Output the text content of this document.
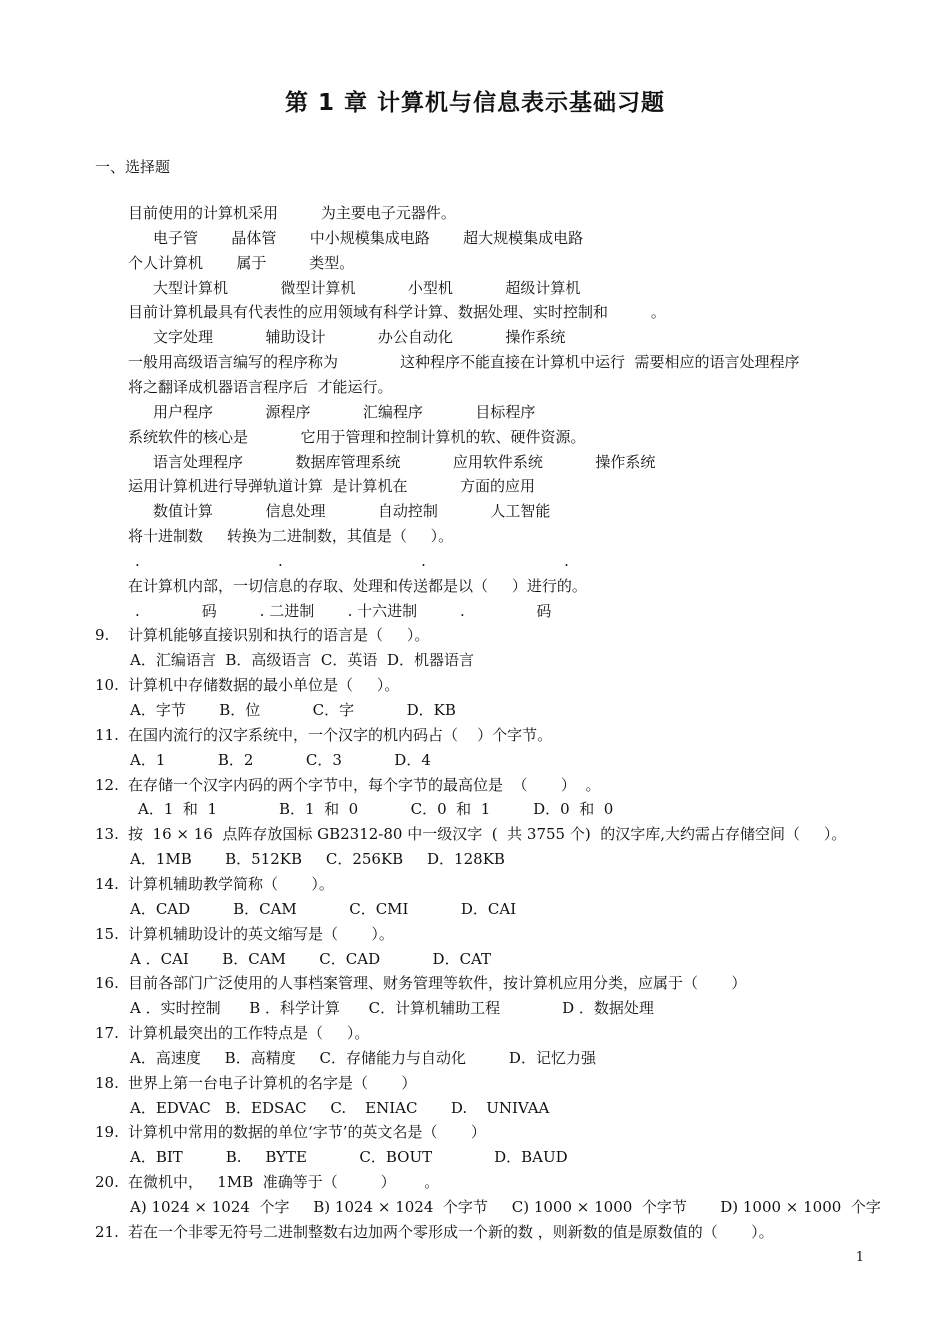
第 1 章 计算机与信息表示基础习题
一、选择题
目前使用的计算机采用         为主要电子元器件。
电子管       晶体管       中小规模集成电路       超大规模集成电路
个人计算机       属于         类型。
大型计算机           微型计算机           小型机           超级计算机
目前计算机最具有代表性的应用领域有科学计算、数据处理、实时控制和         。
文字处理           辅助设计           办公自动化           操作系统
一般用高级语言编写的程序称为             这种程序不能直接在计算机中运行  需要相应的语言处理程序
将之翻译成机器语言程序后  才能运行。
用户程序           源程序           汇编程序           目标程序
系统软件的核心是           它用于管理和控制计算机的软、硬件资源。
语言处理程序           数据库管理系统           应用软件系统           操作系统
运用计算机进行导弹轨道计算  是计算机在           方面的应用
数值计算           信息处理           自动控制           人工智能
将十进制数     转换为二进制数，其值是（     ）。
.                             .                             .                             .
在计算机内部，一切信息的存取、处理和传送都是以（     ）进行的。
.             码         . 二进制       . 十六进制         .               码
9. 计算机能够直接识别和执行的语言是（     ）。
A．汇编语言  B．高级语言  C．英语  D．机器语言
10. 计算机中存储数据的最小单位是（     ）。
A．字节       B．位           C．字           D．KB
11. 在国内流行的汉字系统中，一个汉字的机内码占（    ）个字节。
A．1           B．2           C．3           D．4
12. 在存储一个汉字内码的两个字节中，每个字节的最高位是  （       ）  。
A．1  和  1             B．1  和  0           C．0  和  1         D．0  和  0
13. 按  16 × 16  点阵存放国标 GB2312-80 中一级汉字  (  共 3755 个)  的汉字库,大约需占存储空间（     ）。
A．1MB       B．512KB     C．256KB     D．128KB
14. 计算机辅助教学简称（       ）。
A．CAD         B．CAM           C．CMI           D．CAI
15. 计算机辅助设计的英文缩写是（       ）。
A ．CAI       B．CAM       C．CAD           D．CAT
16. 目前各部门广泛使用的人事档案管理、财务管理等软件，按计算机应用分类，应属于（       ）
A ．实时控制      B ．科学计算      C．计算机辅助工程             D ．数据处理
17. 计算机最突出的工作特点是（     ）。
A．高速度     B．高精度     C．存储能力与自动化         D．记忆力强
18. 世界上第一台电子计算机的名字是（       ）
A．EDVAC   B．EDSAC     C.    ENIAC       D.    UNIVAA
19. 计算机中常用的数据的单位‘字节’的英文名是（       ）
A．BIT         B.     BYTE           C．BOUT             D．BAUD
20. 在微机中，   1MB  准确等于（         ）      。
A) 1024 × 1024  个字     B) 1024 × 1024  个字节     C) 1000 × 1000  个字节       D) 1000 × 1000  个字
21. 若在一个非零无符号二进制整数右边加两个零形成一个新的数 ，则新数的值是原数值的（       ）。
1
